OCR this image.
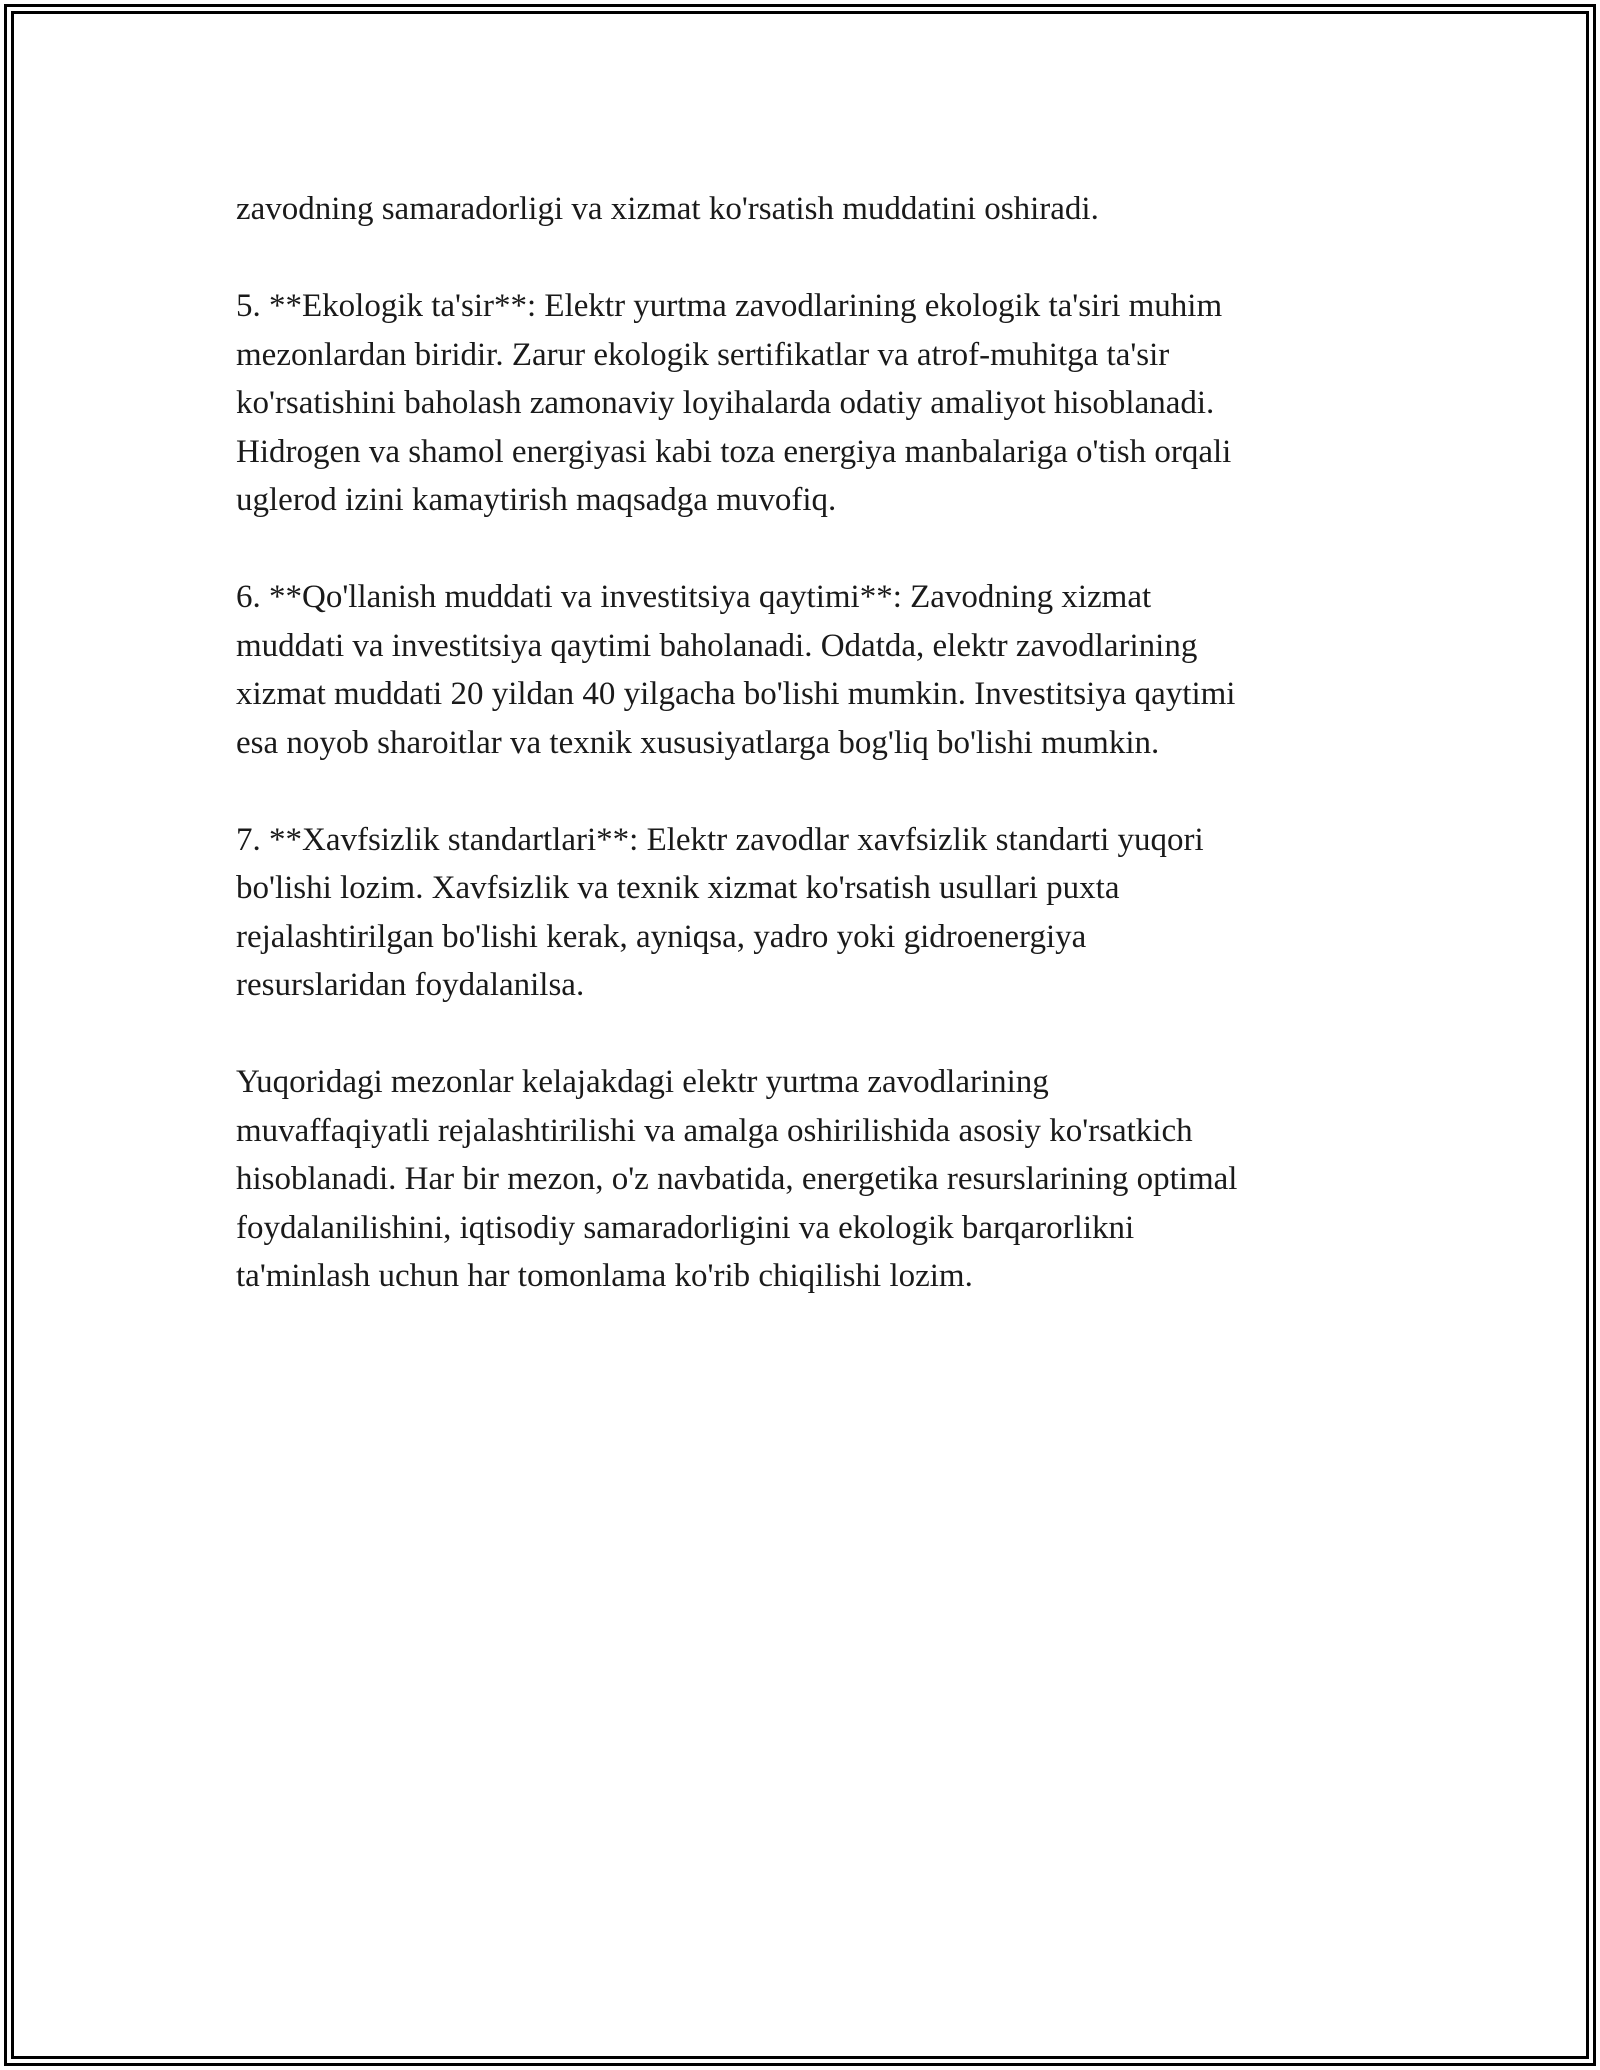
zavodning samaradorligi va xizmat ko'rsatish muddatini oshiradi.

5. **Ekologik ta'sir**: Elektr yurtma zavodlarining ekologik ta'siri muhim
mezonlardan biridir. Zarur ekologik sertifikatlar va atrof-muhitga ta'sir
ko'rsatishini baholash zamonaviy loyihalarda odatiy amaliyot hisoblanadi.
Hidrogen va shamol energiyasi kabi toza energiya manbalariga o'tish orqali
uglerod izini kamaytirish maqsadga muvofiq.

6. **Qo'llanish muddati va investitsiya qaytimi**: Zavodning xizmat
muddati va investitsiya qaytimi baholanadi. Odatda, elektr zavodlarining
xizmat muddati 20 yildan 40 yilgacha bo'lishi mumkin. Investitsiya qaytimi
esa noyob sharoitlar va texnik xususiyatlarga bog'liq bo'lishi mumkin.

7. **Xavfsizlik standartlari**: Elektr zavodlar xavfsizlik standarti yuqori
bo'lishi lozim. Xavfsizlik va texnik xizmat ko'rsatish usullari puxta
rejalashtirilgan bo'lishi kerak, ayniqsa, yadro yoki gidroenergiya
resurslaridan foydalanilsa.

Yuqoridagi mezonlar kelajakdagi elektr yurtma zavodlarining
muvaffaqiyatli rejalashtirilishi va amalga oshirilishida asosiy ko'rsatkich
hisoblanadi. Har bir mezon, o'z navbatida, energetika resurslarining optimal
foydalanilishini, iqtisodiy samaradorligini va ekologik barqarorlikni
ta'minlash uchun har tomonlama ko'rib chiqilishi lozim.
